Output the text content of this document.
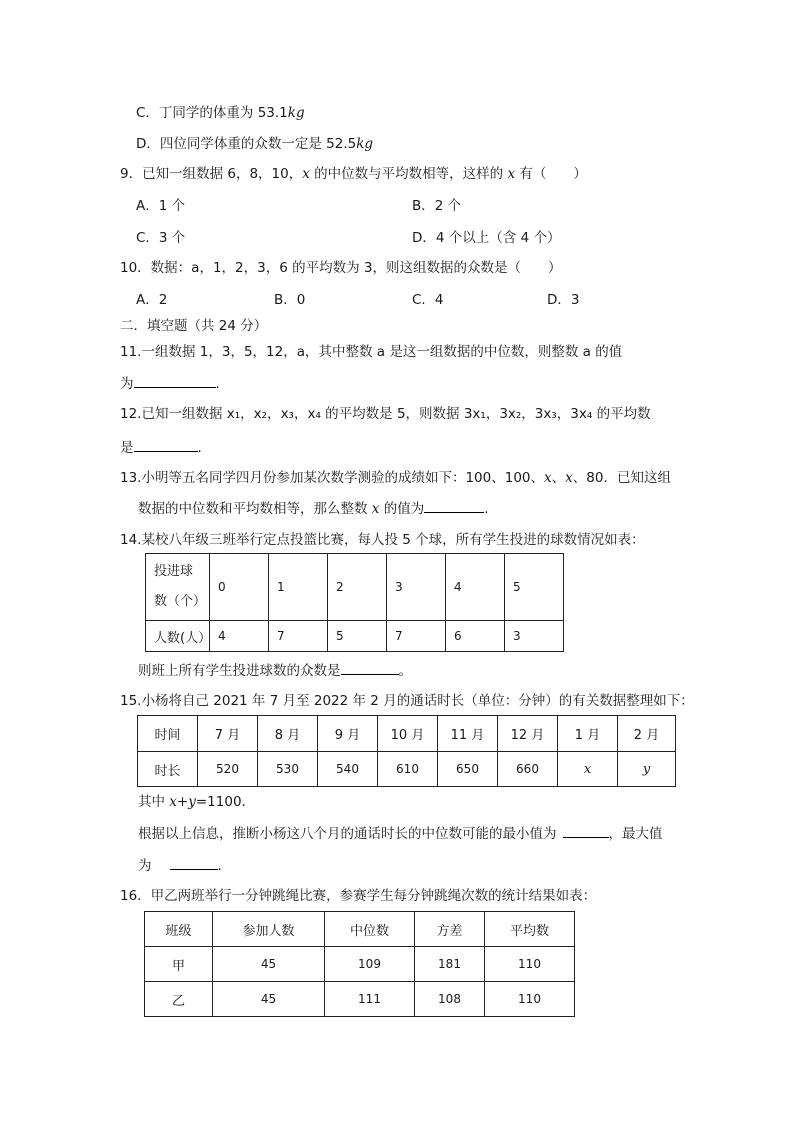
C．丁同学的体重为 53.1kg
D．四位同学体重的众数一定是 52.5kg
9．已知一组数据 6，8，10，x 的中位数与平均数相等，这样的 x 有（　　）
A．1 个	B．2 个
C．3 个	D．4 个以上（含 4 个）
10．数据：a，1，2，3，6 的平均数为 3，则这组数据的众数是（　　）
A．2	B．0	C．4	D．3
二．填空题（共 24 分）
11.一组数据 1，3，5，12，a，其中整数 a 是这一组数据的中位数，则整数 a 的值
为	.
12.已知一组数据 x₁，x₂，x₃，x₄ 的平均数是 5，则数据 3x₁，3x₂，3x₃，3x₄ 的平均数
是	.
13.小明等五名同学四月份参加某次数学测验的成绩如下：100、100、x、x、80．已知这组
数据的中位数和平均数相等，那么整数 x 的值为	.
14.某校八年级三班举行定点投篮比赛，每人投 5 个球，所有学生投进的球数情况如表：
投进球
数（个）	0	1	2	3	4	5
人数(人）	4	7	5	7	6	3
则班上所有学生投进球数的众数是	。
15.小杨将自己 2021 年 7 月至 2022 年 2 月的通话时长（单位：分钟）的有关数据整理如下：
时间	7 月	8 月	9 月	10 月	11 月	12 月	1 月	2 月
时长	520	530	540	610	650	660	x	y
其中 x+y=1100．
根据以上信息，推断小杨这八个月的通话时长的中位数可能的最小值为	，最大值
为	.
16．甲乙两班举行一分钟跳绳比赛，参赛学生每分钟跳绳次数的统计结果如表：
班级	参加人数	中位数	方差	平均数
甲	45	109	181	110
乙	45	111	108	110
